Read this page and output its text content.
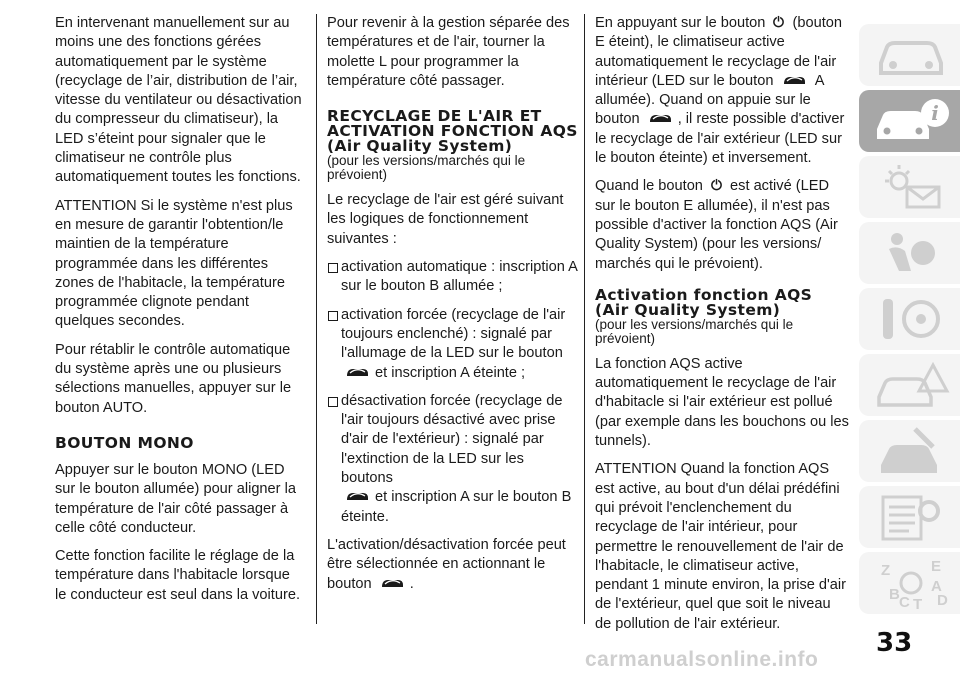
En intervenant manuellement sur au moins une des fonctions gérées automatiquement par le système (recyclage de l’air, distribution de l’air, vitesse du ventilateur ou désactivation du compresseur du climatiseur), la LED s’éteint pour signaler que le climatiseur ne contrôle plus automatiquement toutes les fonctions.

ATTENTION Si le système n'est plus en mesure de garantir l'obtention/le maintien de la température programmée dans les différentes zones de l'habitacle, la température programmée clignote pendant quelques secondes.

Pour rétablir le contrôle automatique du système après une ou plusieurs sélections manuelles, appuyer sur le bouton AUTO.

BOUTON MONO

Appuyer sur le bouton MONO (LED sur le bouton allumée) pour aligner la température de l'air côté passager à celle côté conducteur.

Cette fonction facilite le réglage de la température dans l'habitacle lorsque le conducteur est seul dans la voiture.

Pour revenir à la gestion séparée des températures et de l'air, tourner la molette L pour programmer la température côté passager.

RECYCLAGE DE L'AIR ET ACTIVATION FONCTION AQS (Air Quality System)
(pour les versions/marchés qui le prévoient)

Le recyclage de l'air est géré suivant les logiques de fonctionnement suivantes :

activation automatique : inscription A sur le bouton B allumée ;
activation forcée (recyclage de l'air toujours enclenché) : signalé par l'allumage de la LED sur le bouton
et inscription A éteinte ;
désactivation forcée (recyclage de l'air toujours désactivé avec prise d'air de l'extérieur) : signalé par l'extinction de la LED sur les boutons
et inscription A sur le bouton B éteinte.

L'activation/désactivation forcée peut être sélectionnée en actionnant le bouton	.

En appuyant sur le bouton (bouton E éteint), le climatiseur active automatiquement le recyclage de l'air intérieur (LED sur le bouton	A allumée). Quand on appuie sur le bouton	, il reste possible d'activer le recyclage de l'air extérieur (LED sur le bouton éteinte) et inversement.

Quand le bouton est activé (LED sur le bouton E allumée), il n'est pas possible d'activer la fonction AQS (Air Quality System) (pour les versions/ marchés qui le prévoient).

Activation fonction AQS (Air Quality System)
(pour les versions/marchés qui le prévoient)

La fonction AQS active automatiquement le recyclage de l'air d'habitacle si l'air extérieur est pollué (par exemple dans les bouchons ou les tunnels).

ATTENTION Quand la fonction AQS est active, au bout d'un délai prédéfini qui prévoit l'enclenchement du recyclage de l'air intérieur, pour permettre le renouvellement de l'air de l'habitacle, le climatiseur active, pendant 1 minute environ, la prise d'air de l'extérieur, quel que soit le niveau de pollution de l'air extérieur.

i
Z	E
A
B C T D
33
carmanualsonline.info
